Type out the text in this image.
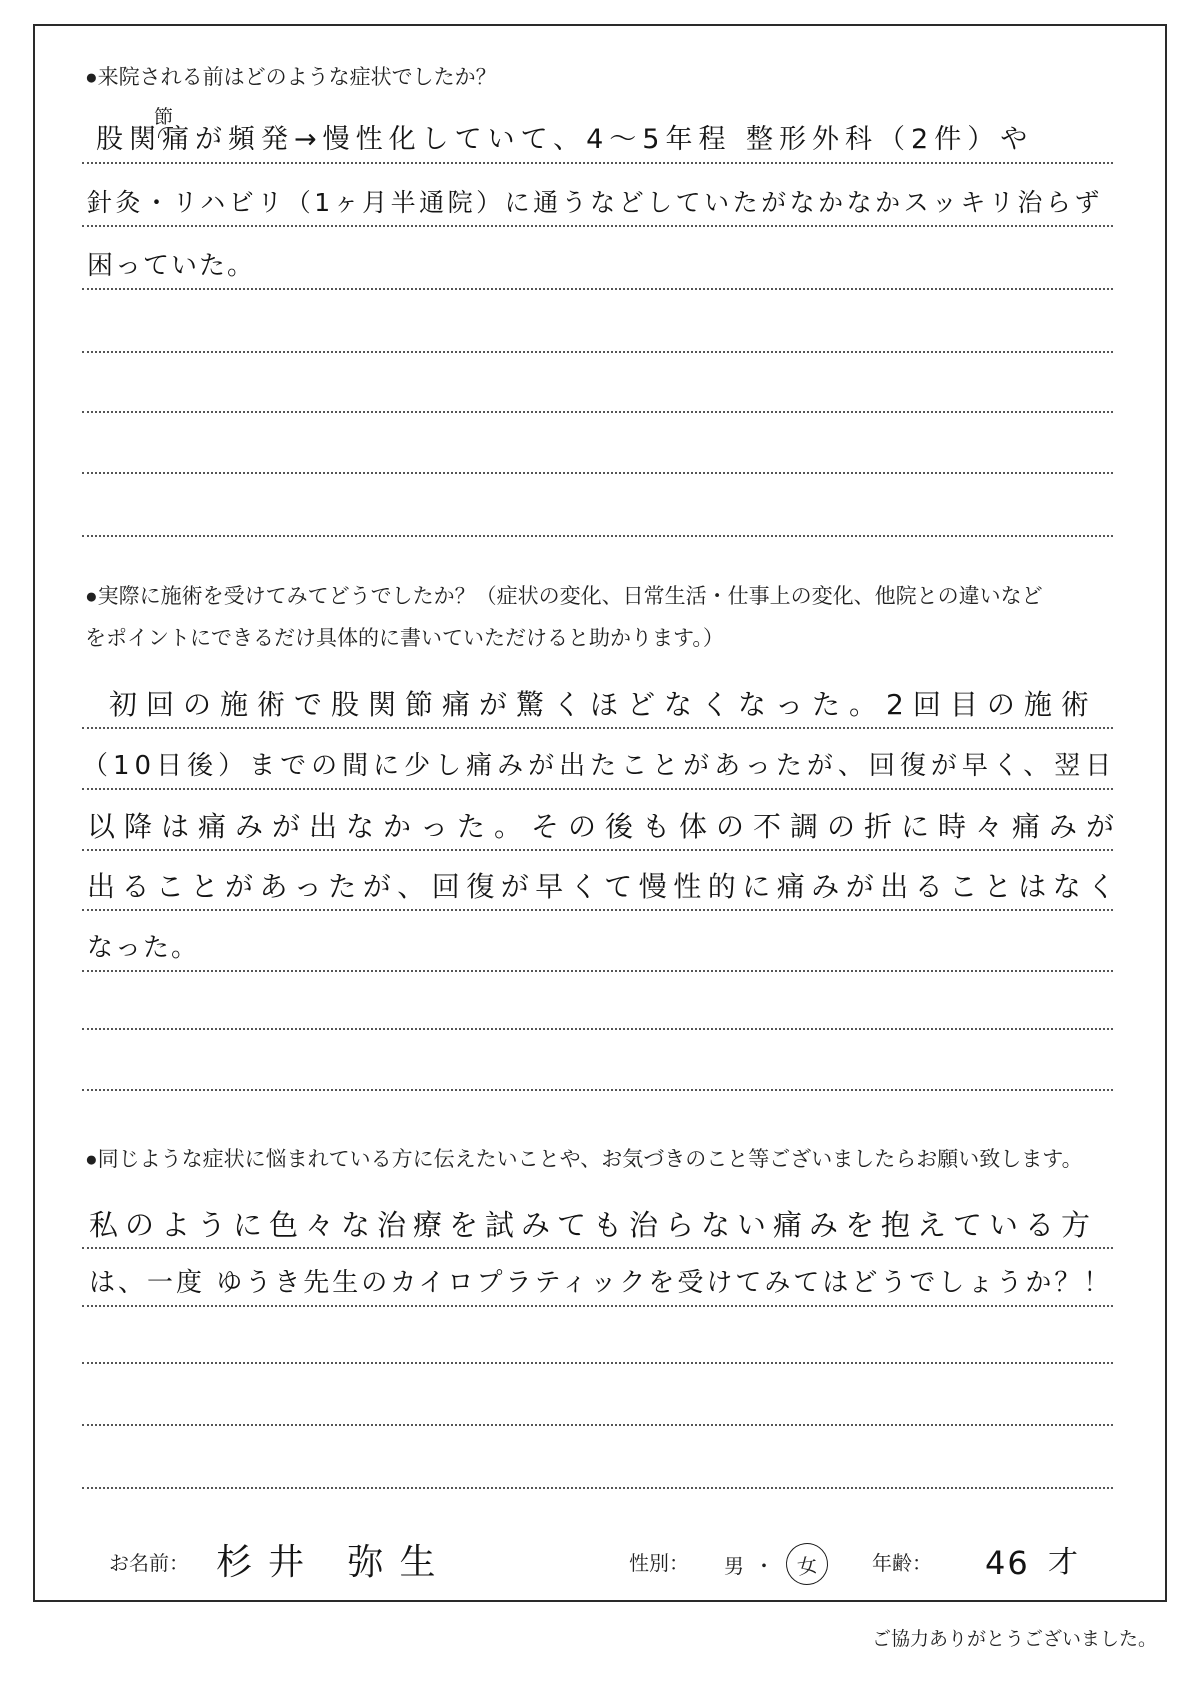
●来院される前はどのような症状でしたか？
股関
節
痛が頻発→慢性化していて、4〜5年程 整形外科（2件）や
針灸・リハビリ（1ヶ月半通院）に通うなどしていたがなかなかスッキリ治らず
困っていた。
●実際に施術を受けてみてどうでしたか？（症状の変化、日常生活・仕事上の変化、他院との違いなど
をポイントにできるだけ具体的に書いていただけると助かります。）
初回の施術で股関節痛が驚くほどなくなった。2回目の施術
（10日後）までの間に少し痛みが出たことがあったが、回復が早く、翌日
以降は痛みが出なかった。その後も体の不調の折に時々痛みが
出ることがあったが、回復が早くて慢性的に痛みが出ることはなく
なった。
●同じような症状に悩まれている方に伝えたいことや、お気づきのこと等ございましたらお願い致します。
私のように色々な治療を試みても治らない痛みを抱えている方
は、一度 ゆうき先生のカイロプラティックを受けてみてはどうでしょうか？！
お名前： 杉井 弥生	性別： 男 ・	女	年齢： 46 才
ご協力ありがとうございました。
